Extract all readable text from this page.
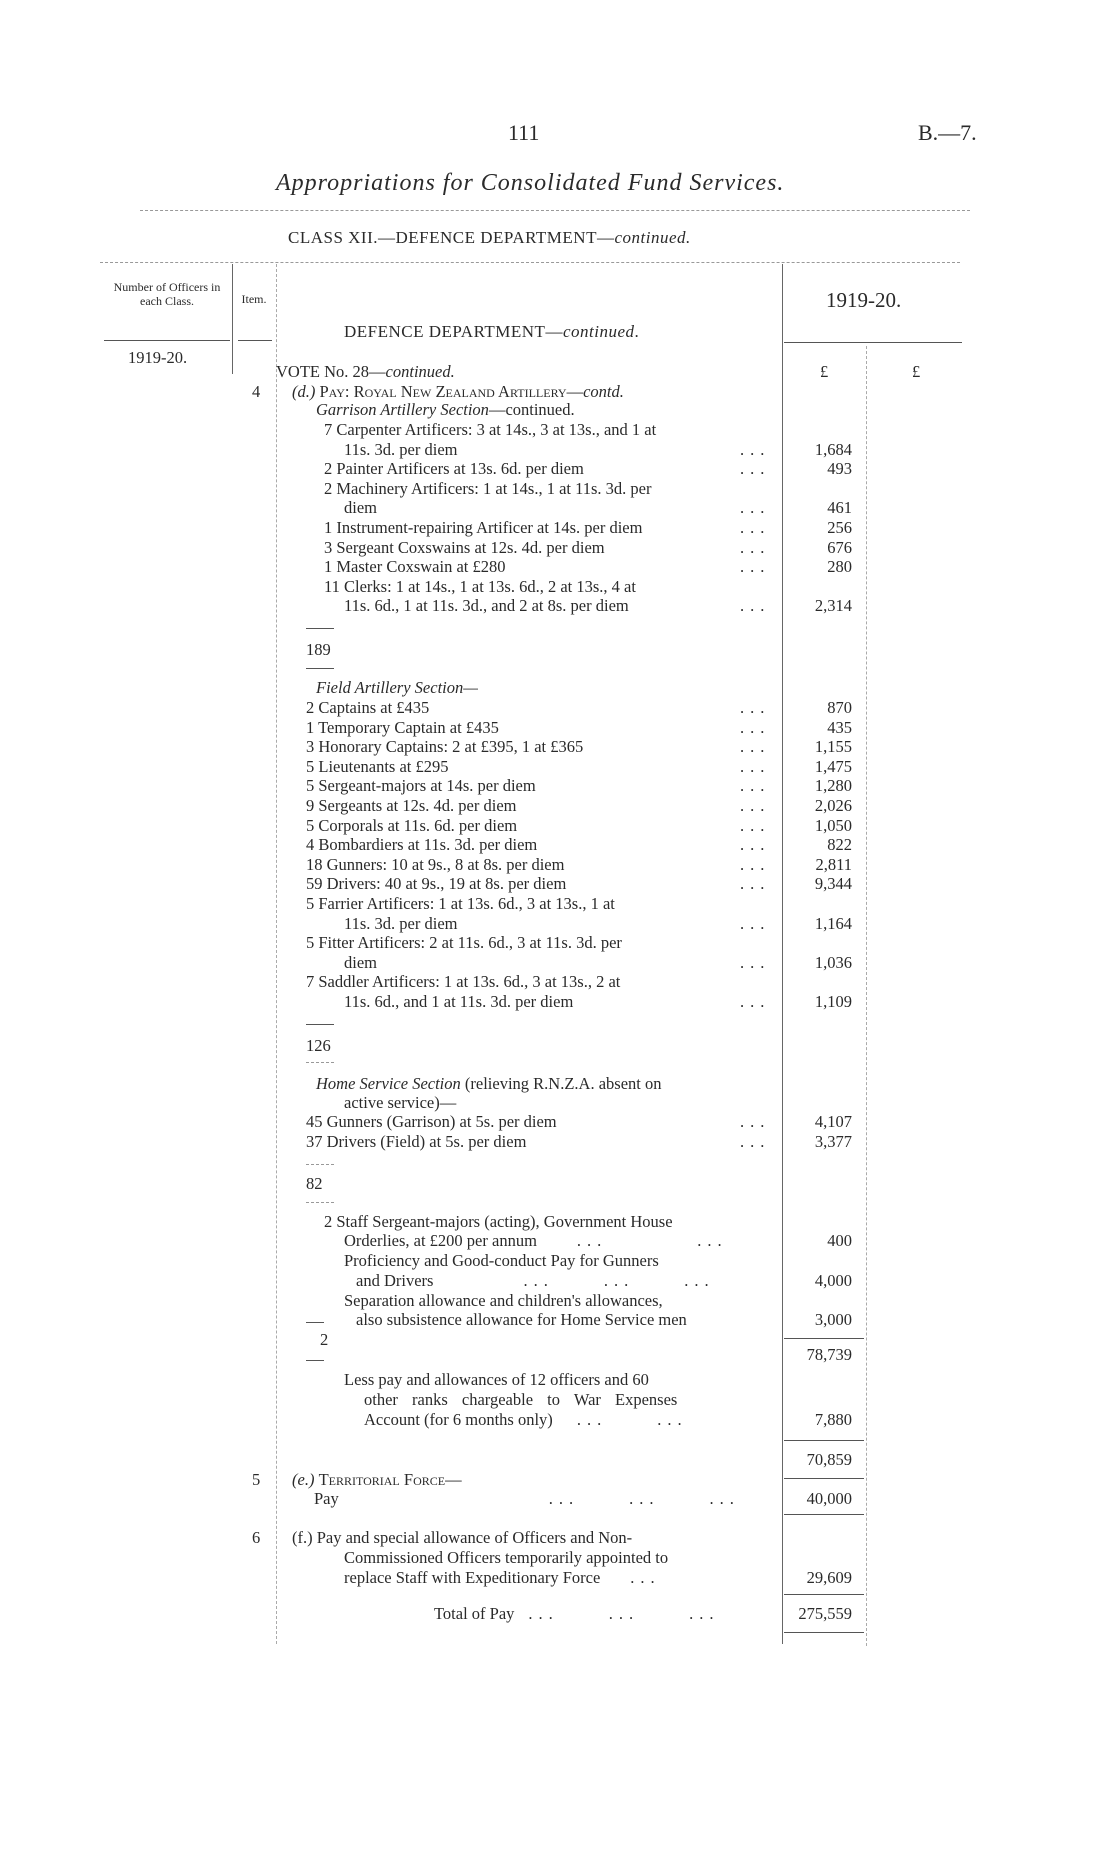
111	B.—7.
Appropriations for Consolidated Fund Services.
CLASS XII.—DEFENCE DEPARTMENT—continued.
Number of Officers in each Class.	Item.
DEFENCE DEPARTMENT—continued.
1919-20.
1919-20.
£	£
VOTE No. 28—continued.
4 (d.) Pay: Royal New Zealand Artillery—contd.
Garrison Artillery Section—continued.
7 Carpenter Artificers: 3 at 14s., 3 at 13s., and 1 at
11s. 3d. per diem	...	1,684
2 Painter Artificers at 13s. 6d. per diem	...	493
2 Machinery Artificers: 1 at 14s., 1 at 11s. 3d. per
diem	...	461
1 Instrument-repairing Artificer at 14s. per diem	...	256
3 Sergeant Coxswains at 12s. 4d. per diem	...	676
1 Master Coxswain at £280	...	280
11 Clerks: 1 at 14s., 1 at 13s. 6d., 2 at 13s., 4 at
11s. 6d., 1 at 11s. 3d., and 2 at 8s. per diem	...	2,314
189
Field Artillery Section—
2 Captains at £435	...	870
1 Temporary Captain at £435	...	435
3 Honorary Captains: 2 at £395, 1 at £365	...	1,155
5 Lieutenants at £295	...	1,475
5 Sergeant-majors at 14s. per diem	...	1,280
9 Sergeants at 12s. 4d. per diem	...	2,026
5 Corporals at 11s. 6d. per diem	...	1,050
4 Bombardiers at 11s. 3d. per diem	...	822
18 Gunners: 10 at 9s., 8 at 8s. per diem	...	2,811
59 Drivers: 40 at 9s., 19 at 8s. per diem	...	9,344
5 Farrier Artificers: 1 at 13s. 6d., 3 at 13s., 1 at
11s. 3d. per diem	...	1,164
5 Fitter Artificers: 2 at 11s. 6d., 3 at 11s. 3d. per
diem	...	1,036
7 Saddler Artificers: 1 at 13s. 6d., 3 at 13s., 2 at
11s. 6d., and 1 at 11s. 3d. per diem	...	1,109
126
Home Service Section (relieving R.N.Z.A. absent on
active service)—
45 Gunners (Garrison) at 5s. per diem	...	4,107
37 Drivers (Field) at 5s. per diem	...	3,377
82
2 Staff Sergeant-majors (acting), Government House
Orderlies, at £200 per annum ...	...	400
Proficiency and Good-conduct Pay for Gunners
and Drivers	...	...	...	4,000
Separation allowance and children's allowances,
also subsistence allowance for Home Service men	3,000
2
78,739
Less pay and allowances of 12 officers and 60
other ranks chargeable to War Expenses
Account (for 6 months only) ...	...	7,880
70,859
5 (e.) Territorial Force—
Pay	...	...	...	40,000
6 (f.) Pay and special allowance of Officers and Non-
Commissioned Officers temporarily appointed to
replace Staff with Expeditionary Force ...	29,609
Total of Pay ...	...	...	275,559
